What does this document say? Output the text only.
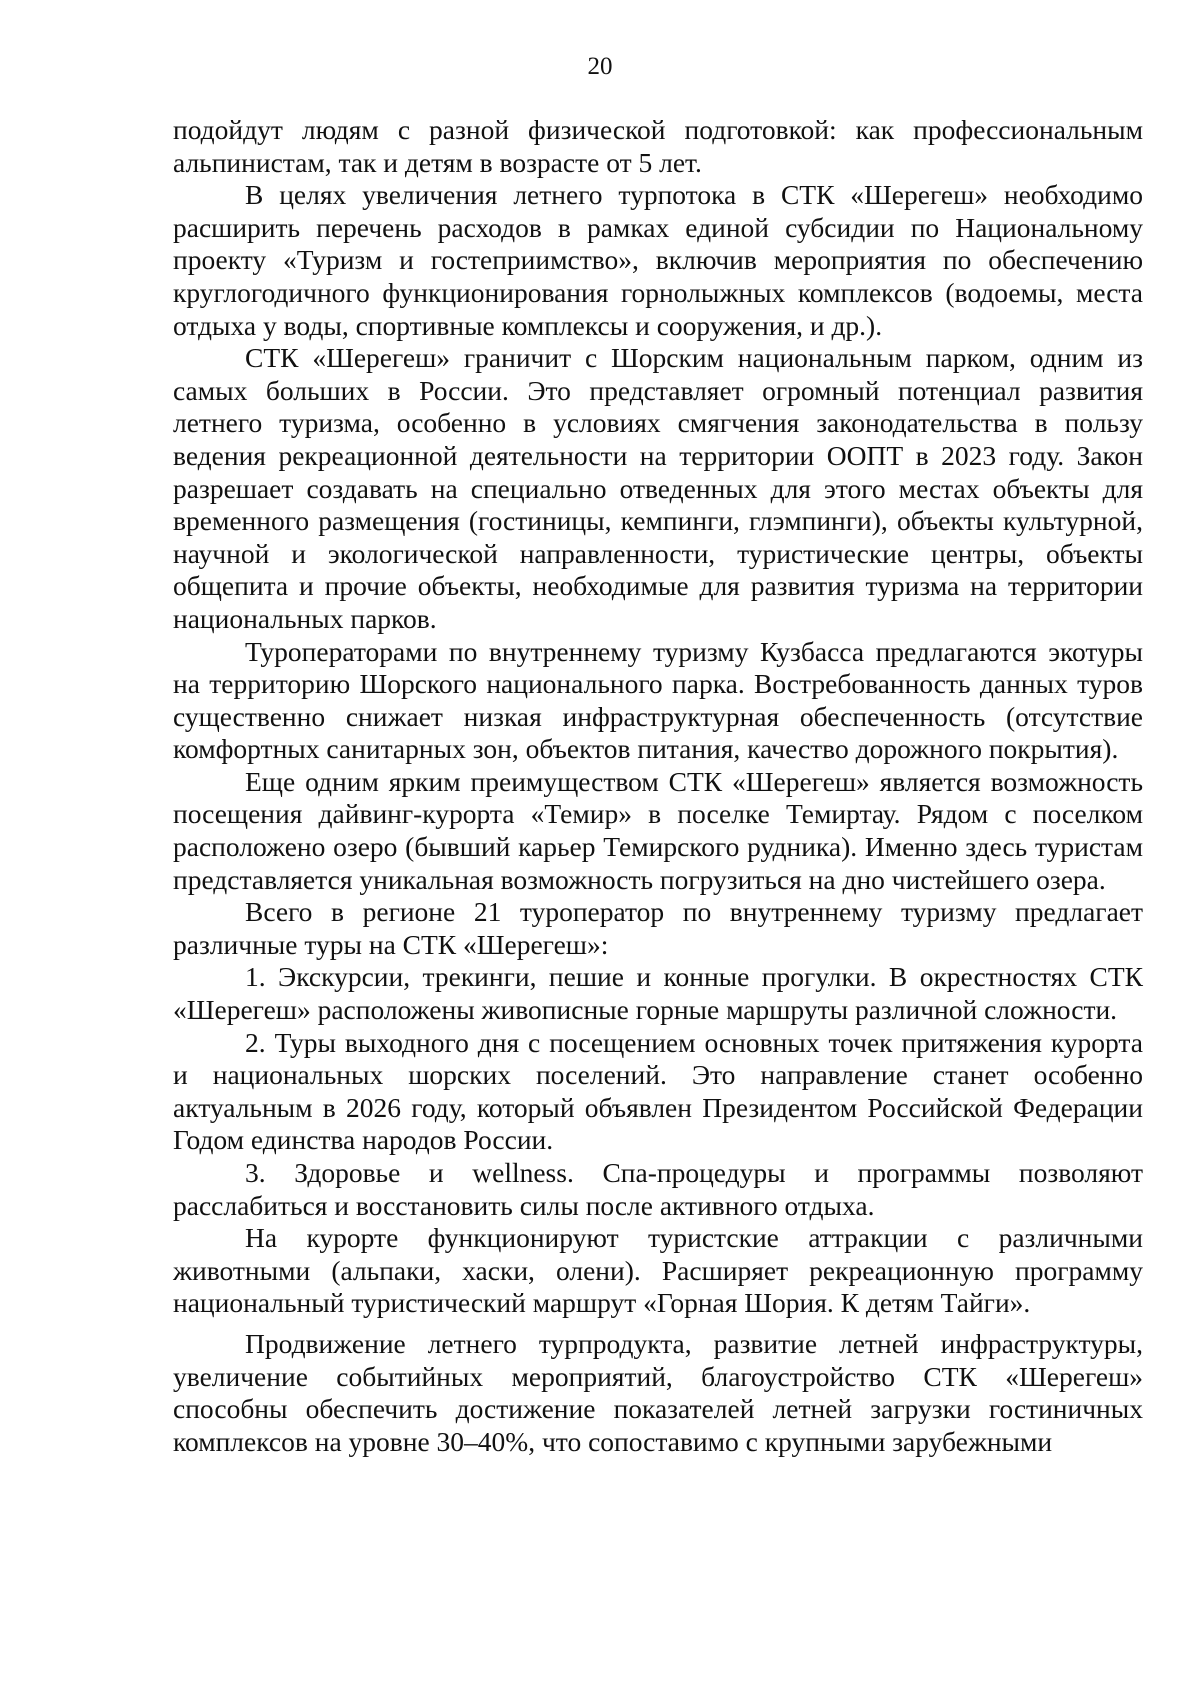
20

подойдут людям с разной физической подготовкой: как профессиональным альпинистам, так и детям в возрасте от 5 лет.

В целях увеличения летнего турпотока в СТК «Шерегеш» необходимо расширить перечень расходов в рамках единой субсидии по Национальному проекту «Туризм и гостеприимство», включив мероприятия по обеспечению круглогодичного функционирования горнолыжных комплексов (водоемы, места отдыха у воды, спортивные комплексы и сооружения, и др.).

СТК «Шерегеш» граничит с Шорским национальным парком, одним из самых больших в России. Это представляет огромный потенциал развития летнего туризма, особенно в условиях смягчения законодательства в пользу ведения рекреационной деятельности на территории ООПТ в 2023 году. Закон разрешает создавать на специально отведенных для этого местах объекты для временного размещения (гостиницы, кемпинги, глэмпинги), объекты культурной, научной и экологической направленности, туристические центры, объекты общепита и прочие объекты, необходимые для развития туризма на территории национальных парков.

Туроператорами по внутреннему туризму Кузбасса предлагаются экотуры на территорию Шорского национального парка. Востребованность данных туров существенно снижает низкая инфраструктурная обеспеченность (отсутствие комфортных санитарных зон, объектов питания, качество дорожного покрытия).

Еще одним ярким преимуществом СТК «Шерегеш» является возможность посещения дайвинг-курорта «Темир» в поселке Темиртау. Рядом с поселком расположено озеро (бывший карьер Темирского рудника). Именно здесь туристам представляется уникальная возможность погрузиться на дно чистейшего озера.

Всего в регионе 21 туроператор по внутреннему туризму предлагает различные туры на СТК «Шерегеш»:

1. Экскурсии, трекинги, пешие и конные прогулки. В окрестностях СТК «Шерегеш» расположены живописные горные маршруты различной сложности.

2. Туры выходного дня с посещением основных точек притяжения курорта и национальных шорских поселений. Это направление станет особенно актуальным в 2026 году, который объявлен Президентом Российской Федерации Годом единства народов России.

3. Здоровье и wellness. Спа-процедуры и программы позволяют расслабиться и восстановить силы после активного отдыха.

На курорте функционируют туристские аттракции с различными животными (альпаки, хаски, олени). Расширяет рекреационную программу национальный туристический маршрут «Горная Шория. К детям Тайги».

Продвижение летнего турпродукта, развитие летней инфраструктуры, увеличение событийных мероприятий, благоустройство СТК «Шерегеш» способны обеспечить достижение показателей летней загрузки гостиничных комплексов на уровне 30–40%, что сопоставимо с крупными зарубежными
